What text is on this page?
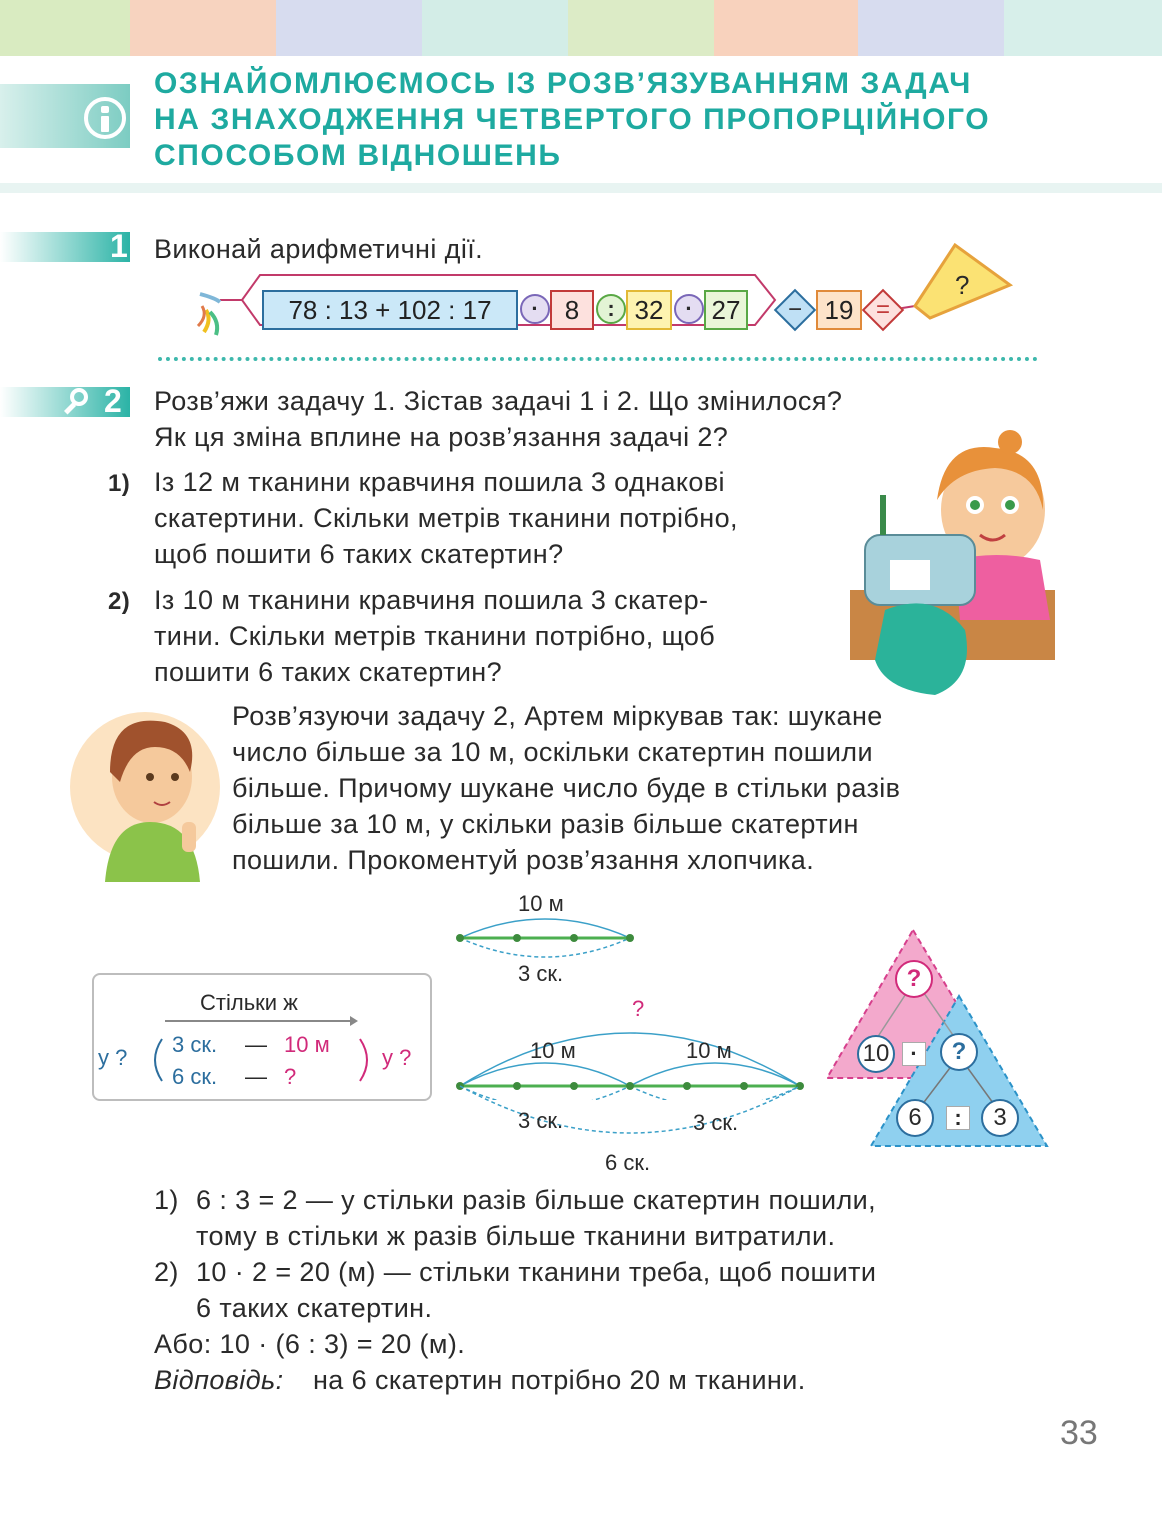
ОЗНАЙОМЛЮЄМОСЬ ІЗ РОЗВ’ЯЗУВАННЯМ ЗАДАЧ
НА ЗНАХОДЖЕННЯ ЧЕТВЕРТОГО ПРОПОРЦІЙНОГО
СПОСОБОМ ВІДНОШЕНЬ
1 Виконай арифметичні дії.
78 : 13 + 102 : 17	·	8	: 32 · 27	− 19 =
?
2 Розв’яжи задачу 1. Зістав задачі 1 і 2. Що змінилося?
Як ця зміна вплине на розв’язання задачі 2?
1) Із 12 м тканини кравчиня пошила 3 однакові
скатертини. Скільки метрів тканини потрібно,
щоб пошити 6 таких скатертин?
2) Із 10 м тканини кравчиня пошила 3 скатер-
тини. Скільки метрів тканини потрібно, щоб
пошити 6 таких скатертин?
Розв’язуючи задачу 2, Артем міркував так: шукане
число більше за 10 м, оскільки скатертин пошили
більше. Причому шукане число буде в стільки разів
більше за 10 м, у скільки разів більше скатертин
пошили. Прокоментуй розв’язання хлопчика.
Стільки ж
у ?
3 ск. — 10 м
6 ск. — ?
у ?
10 м
3 ск.
?
10 м	10 м
3 ск.	3 ск.
6 ск.
?
10 ·	?
6	:	3
1) 6 : 3 = 2 — у стільки разів більше скатертин пошили,
тому в стільки ж разів більше тканини витратили.
2) 10 · 2 = 20 (м) — стільки тканини треба, щоб пошити
6 таких скатертин.
Або: 10 · (6 : 3) = 20 (м).
Відповідь: на 6 скатертин потрібно 20 м тканини.
33
